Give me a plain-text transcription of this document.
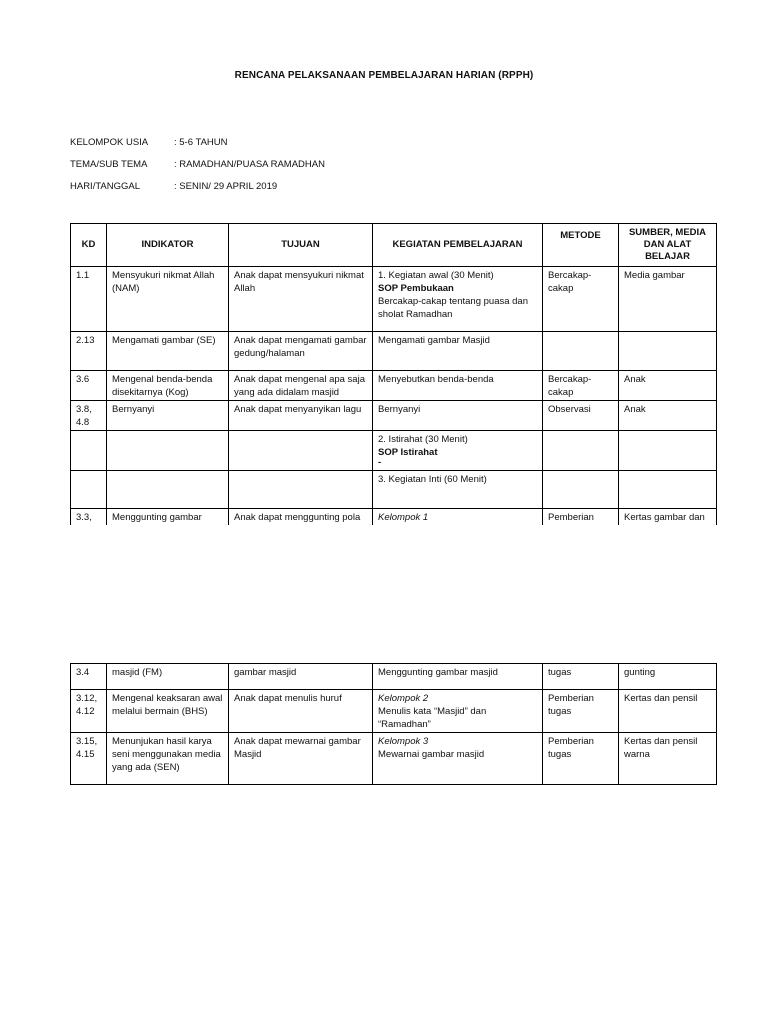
RENCANA PELAKSANAAN PEMBELAJARAN HARIAN (RPPH)
KELOMPOK USIA	: 5-6 TAHUN
TEMA/SUB TEMA	: RAMADHAN/PUASA RAMADHAN
HARI/TANGGAL	: SENIN/ 29 APRIL 2019
KD	INDIKATOR	TUJUAN	KEGIATAN PEMBELAJARAN	METODE	SUMBER, MEDIA DAN ALAT BELAJAR
1.1	Mensyukuri nikmat Allah (NAM)	Anak dapat mensyukuri nikmat Allah	1. Kegiatan awal (30 Menit)
SOP Pembukaan
Bercakap-cakap tentang puasa dan sholat Ramadhan	Bercakap-cakap	Media gambar
2.13	Mengamati gambar (SE)	Anak dapat mengamati gambar gedung/halaman	Mengamati gambar Masjid		
3.6	Mengenal benda-benda disekitarnya (Kog)	Anak dapat mengenal apa saja yang ada didalam masjid	Menyebutkan benda-benda	Bercakap-cakap	Anak
3.8, 4.8	Bernyanyi	Anak dapat menyanyikan lagu	Bernyanyi	Observasi	Anak

			2. Istirahat (30 Menit)
SOP Istirahat
-		

			3. Kegiatan Inti (60 Menit)		
3.3,	Menggunting gambar	Anak dapat menggunting pola	Kelompok 1	Pemberian	Kertas gambar dan
3.4	masjid (FM)	gambar masjid	Menggunting gambar masjid	tugas	gunting
3.12, 4.12	Mengenal keaksaran awal melalui bermain (BHS)	Anak dapat menulis huruf	Kelompok 2
Menulis kata “Masjid” dan “Ramadhan”	Pemberian tugas	Kertas dan pensil
3.15, 4.15	Menunjukan hasil karya seni menggunakan media yang ada (SEN)	Anak dapat mewarnai gambar Masjid	Kelompok 3
Mewarnai gambar masjid	Pemberian tugas	Kertas dan pensil warna
